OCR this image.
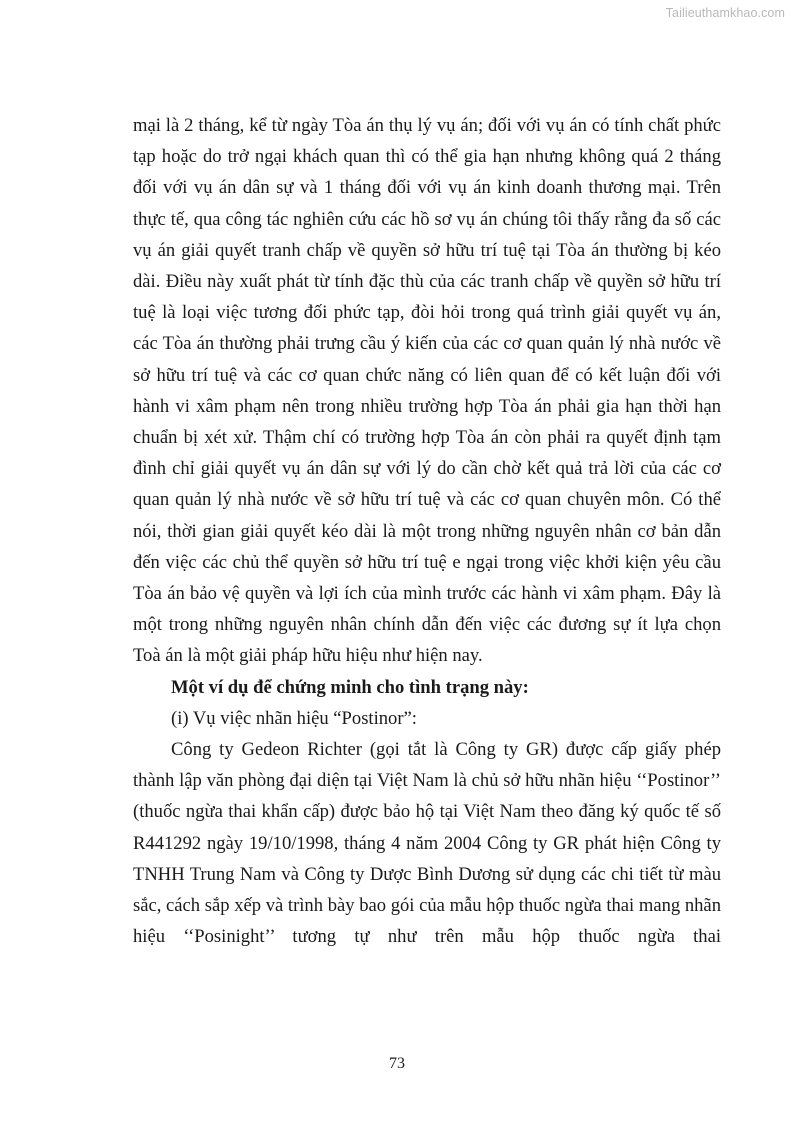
Tailieuthamkhao.com

mại là 2 tháng, kể từ ngày Tòa án thụ lý vụ án; đối với vụ án có tính chất phức tạp hoặc do trở ngại khách quan thì có thể gia hạn nhưng không quá 2 tháng đối với vụ án dân sự và 1 tháng đối với vụ án kinh doanh thương mại. Trên thực tế, qua công tác nghiên cứu các hồ sơ vụ án chúng tôi thấy rằng đa số các vụ án giải quyết tranh chấp về quyền sở hữu trí tuệ tại Tòa án thường bị kéo dài. Điều này xuất phát từ tính đặc thù của các tranh chấp về quyền sở hữu trí tuệ là loại việc tương đối phức tạp, đòi hỏi trong quá trình giải quyết vụ án, các Tòa án thường phải trưng cầu ý kiến của các cơ quan quản lý nhà nước về sở hữu trí tuệ và các cơ quan chức năng có liên quan để có kết luận đối với hành vi xâm phạm nên trong nhiều trường hợp Tòa án phải gia hạn thời hạn chuẩn bị xét xử. Thậm chí có trường hợp Tòa án còn phải ra quyết định tạm đình chỉ giải quyết vụ án dân sự với lý do cần chờ kết quả trả lời của các cơ quan quản lý nhà nước về sở hữu trí tuệ và các cơ quan chuyên môn. Có thể nói, thời gian giải quyết kéo dài là một trong những nguyên nhân cơ bản dẫn đến việc các chủ thể quyền sở hữu trí tuệ e ngại trong việc khởi kiện yêu cầu Tòa án bảo vệ quyền và lợi ích của mình trước các hành vi xâm phạm. Đây là một trong những nguyên nhân chính dẫn đến việc các đương sự ít lựa chọn Toà án là một giải pháp hữu hiệu như hiện nay.

Một ví dụ để chứng minh cho tình trạng này:

(i) Vụ việc nhãn hiệu “Postinor”:

Công ty Gedeon Richter (gọi tắt là Công ty GR) được cấp giấy phép thành lập văn phòng đại diện tại Việt Nam là chủ sở hữu nhãn hiệu ‘‘Postinor’’ (thuốc ngừa thai khẩn cấp) được bảo hộ tại Việt Nam theo đăng ký quốc tế số R441292 ngày 19/10/1998, tháng 4 năm 2004 Công ty GR phát hiện Công ty TNHH Trung Nam và Công ty Dược Bình Dương sử dụng các chi tiết từ màu sắc, cách sắp xếp và trình bày bao gói của mẫu hộp thuốc ngừa thai mang nhãn hiệu ‘‘Posinight’’ tương tự như trên mẫu hộp thuốc ngừa thai

73
